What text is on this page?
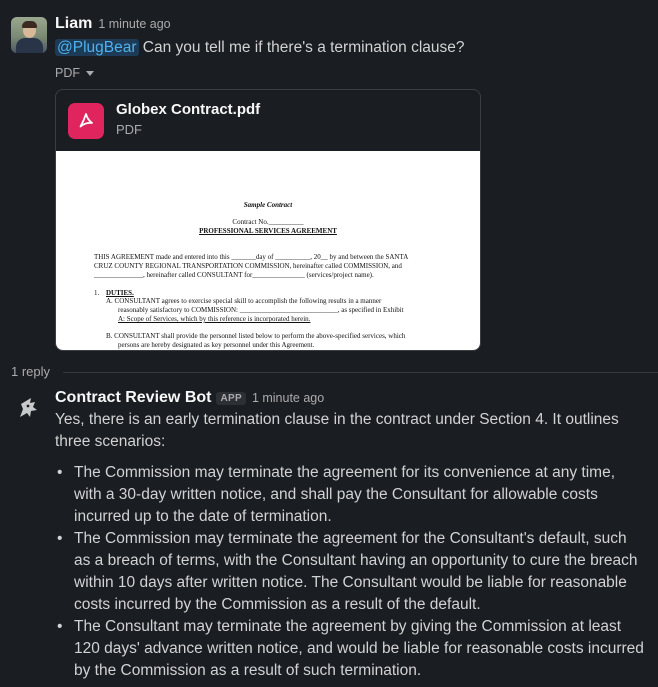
Liam 1 minute ago
@PlugBear Can you tell me if there's a termination clause?
PDF
Globex Contract.pdf
PDF
Sample Contract
Contract No.__________
PROFESSIONAL SERVICES AGREEMENT
THIS AGREEMENT made and entered into this _______day of __________, 20__ by and between the SANTA
CRUZ COUNTY REGIONAL TRANSPORTATION COMMISSION, hereinafter called COMMISSION, and
______________, hereinafter called CONSULTANT for_______________ (services/project name).
1. DUTIES.
A. CONSULTANT agrees to exercise special skill to accomplish the following results in a manner
reasonably satisfactory to COMMISSION: ____________________________, as specified in Exhibit
A: Scope of Services, which by this reference is incorporated herein.
B. CONSULTANT shall provide the personnel listed below to perform the above-specified services, which
persons are hereby designated as key personnel under this Agreement.
1 reply
Contract Review Bot APP 1 minute ago
Yes, there is an early termination clause in the contract under Section 4. It outlines three scenarios:
• The Commission may terminate the agreement for its convenience at any time, with a 30-day written notice, and shall pay the Consultant for allowable costs incurred up to the date of termination.
• The Commission may terminate the agreement for the Consultant's default, such as a breach of terms, with the Consultant having an opportunity to cure the breach within 10 days after written notice. The Consultant would be liable for reasonable costs incurred by the Commission as a result of the default.
• The Consultant may terminate the agreement by giving the Commission at least 120 days' advance written notice, and would be liable for reasonable costs incurred by the Commission as a result of such termination.
